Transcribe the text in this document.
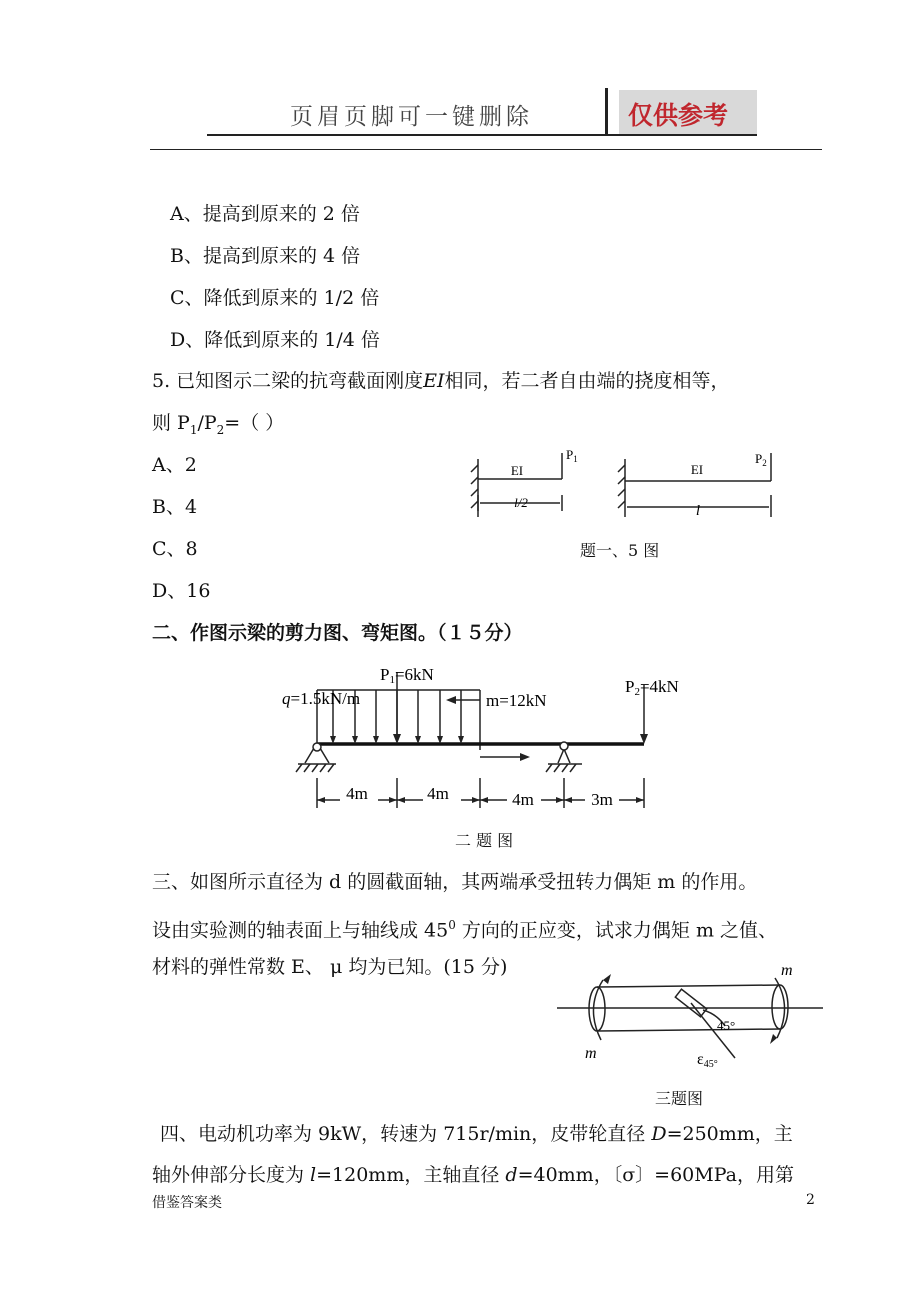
页眉页脚可一键删除	仅供参考
A、提高到原来的 2 倍
B、提高到原来的 4 倍
C、降低到原来的 1/2 倍
D、降低到原来的 1/4 倍
5. 已知图示二梁的抗弯截面刚度EI相同，若二者自由端的挠度相等，
则 $P_1/P_2=$（ ）
A、2
B、4
C、8
D、16
EI
$P_1$
l/2
EI
$P_2$
l
题一、5 图
二、作图示梁的剪力图、弯矩图。（１５分）
P1=6kN
q=1.5kN/m	m=12kN
P2=4kN
4m	4m	4m	3m
二 题 图
三、如图所示直径为 d 的圆截面轴，其两端承受扭转力偶矩 m 的作用。
设由实验测的轴表面上与轴线成 $45^0$ 方向的正应变，试求力偶矩 m 之值、
材料的弹性常数 E、 μ 均为已知。(15 分)	m
m
45°
ε45°
三题图
四、电动机功率为 9kW，转速为 715r/min，皮带轮直径 D=250mm，主
轴外伸部分长度为 l=120mm，主轴直径 d=40mm，〔σ〕=60MPa，用第
借鉴答案类	2
